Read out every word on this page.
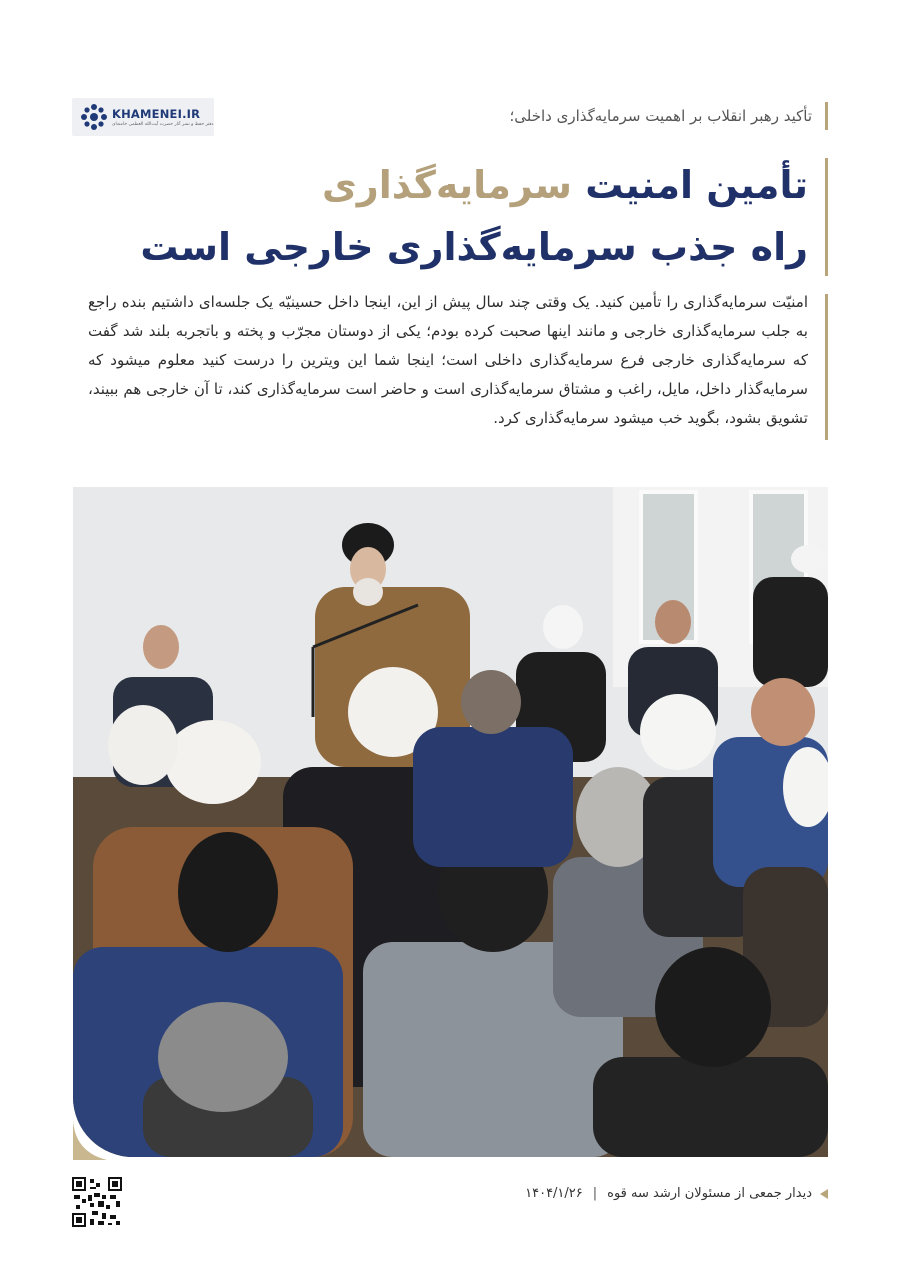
تأکید رهبر انقلاب بر اهمیت سرمایه‌گذاری داخلی؛
KHAMENEI.IR
دفتر حفظ و نشر آثار حضرت آیت‌الله العظمی خامنه‌ای
تأمین امنیت سرمایه‌گذاری
راه جذب سرمایه‌گذاری خارجی است

امنیّت سرمایه‌گذاری را تأمین کنید. یک وقتی چند سال پیش از این، اینجا داخل حسینیّه یک جلسه‌ای داشتیم بنده راجع به جلب سرمایه‌گذاری خارجی و مانند اینها صحبت کرده بودم؛ یکی از دوستان مجرّب و پخته و باتجربه بلند شد گفت که سرمایه‌گذاری خارجی فرع سرمایه‌گذاری داخلی است؛ اینجا شما این ویترین را درست کنید معلوم میشود که سرمایه‌گذار داخل، مایل، راغب و مشتاق سرمایه‌گذاری است و حاضر است سرمایه‌گذاری کند، تا آن خارجی هم ببیند، تشویق بشود، بگوید خب میشود سرمایه‌گذاری کرد.

دیدار جمعی از مسئولان ارشد سه قوه
|
۱۴۰۴/۱/۲۶
